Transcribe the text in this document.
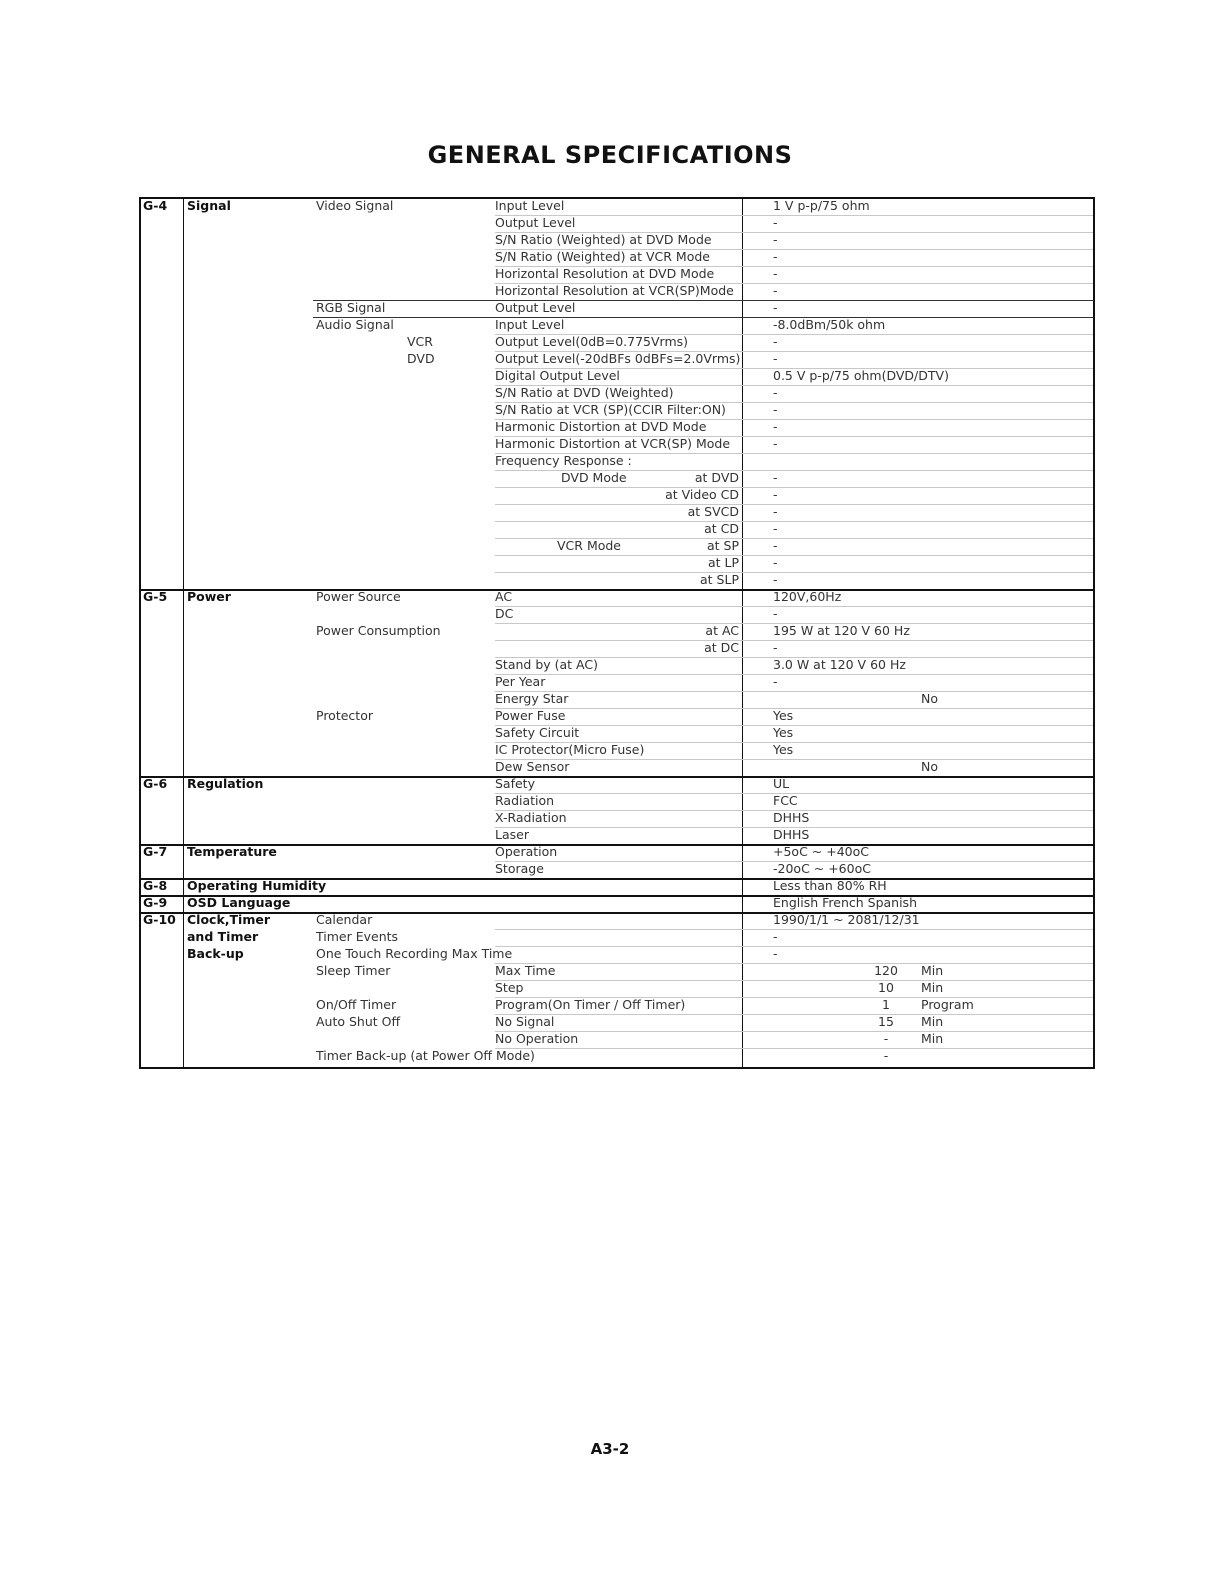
GENERAL SPECIFICATIONS
G-4 Signal	Video Signal	Input Level	1 V p-p/75 ohm
Output Level	-
S/N Ratio (Weighted) at DVD Mode	-
S/N Ratio (Weighted) at VCR Mode	-
Horizontal Resolution at DVD Mode	-
Horizontal Resolution at VCR(SP)Mode	-
RGB Signal	Output Level	-
Audio Signal	Input Level	-8.0dBm/50k ohm
VCR	Output Level(0dB=0.775Vrms)	-
DVD	Output Level(-20dBFs 0dBFs=2.0Vrms)	-
Digital Output Level	0.5 V p-p/75 ohm(DVD/DTV)
S/N Ratio at DVD (Weighted)	-
S/N Ratio at VCR (SP)(CCIR Filter:ON)	-
Harmonic Distortion at DVD Mode	-
Harmonic Distortion at VCR(SP) Mode	-
Frequency Response :
DVD Mode	at DVD	-
at Video CD	-
at SVCD	-
at CD	-
VCR Mode	at SP	-
at LP	-
at SLP	-
G-5 Power	Power Source	AC	120V,60Hz
DC	-
Power Consumption	at AC	195 W at 120 V 60 Hz
at DC	-
Stand by (at AC)	3.0 W at 120 V 60 Hz
Per Year	-
Energy Star	No
Protector	Power Fuse	Yes
Safety Circuit	Yes
IC Protector(Micro Fuse)	Yes
Dew Sensor	No
G-6 Regulation	Safety	UL
Radiation	FCC
X-Radiation	DHHS
Laser	DHHS
G-7 Temperature	Operation	+5oC ~ +40oC
Storage	-20oC ~ +60oC
G-8 Operating Humidity	Less than 80% RH
G-9 OSD Language	English French Spanish
G-10 Clock,Timer	Calendar	1990/1/1 ~ 2081/12/31
and Timer	Timer Events	-
Back-up	One Touch Recording Max Time	-
Sleep Timer	Max Time	120	Min
Step	10	Min
On/Off Timer	Program(On Timer / Off Timer)	1	Program
Auto Shut Off	No Signal	15	Min
No Operation	-	Min
Timer Back-up (at Power Off Mode)	-
A3-2
